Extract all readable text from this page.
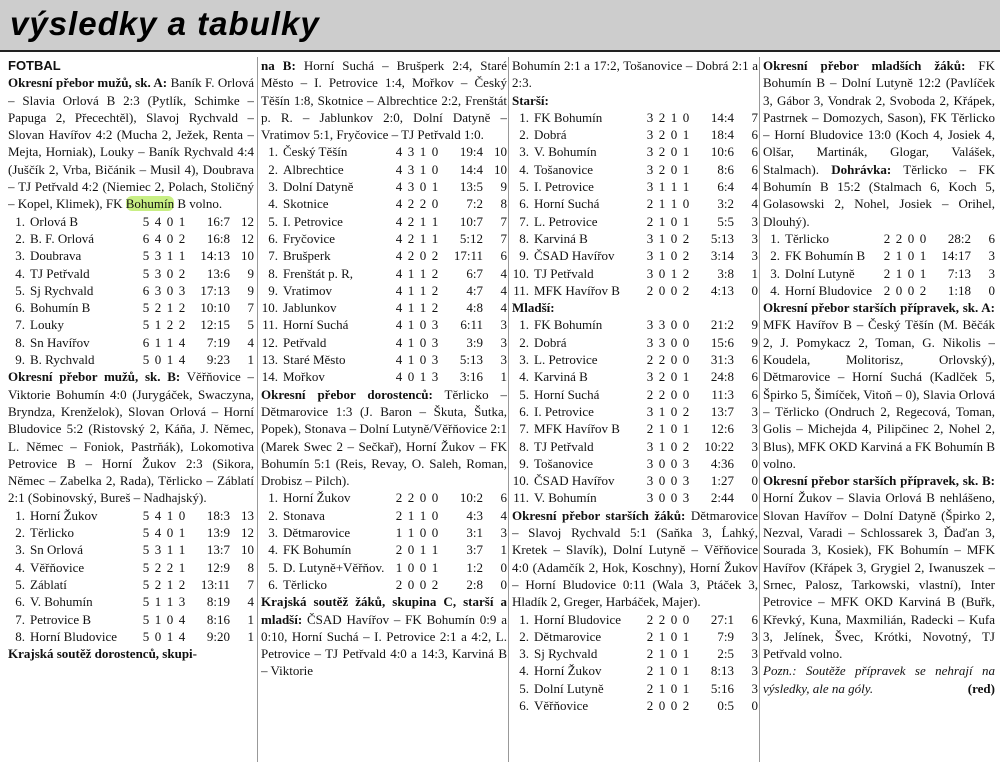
výsledky a tabulky
FOTBAL
Okresní přebor mužů, sk. A: Baník F. Orlová – Slavia Orlová B 2:3 (Pytlík, Schimke – Papuga 2, Přecechtěl), Slavoj Rychvald – Slovan Havířov 4:2 (Mucha 2, Ježek, Renta – Mejta, Horniak), Louky – Baník Rychvald 4:4 (Juščík 2, Vrba, Bičánik – Musil 4), Doubrava – TJ Petřvald 4:2 (Niemiec 2, Polach, Stoličný – Kopel, Klimek), FK Bohumín B volno.
1.	Orlová B	5	4	0	1	16:7	12
2.	B. F. Orlová	6	4	0	2	16:8	12
3.	Doubrava	5	3	1	1	14:13	10
4.	TJ Petřvald	5	3	0	2	13:6	9
5.	Sj Rychvald	6	3	0	3	17:13	9
6.	Bohumín B	5	2	1	2	10:10	7
7.	Louky	5	1	2	2	12:15	5
8.	Sn Havířov	6	1	1	4	7:19	4
9.	B. Rychvald	5	0	1	4	9:23	1
Okresní přebor mužů, sk. B: Věřňovice – Viktorie Bohumín 4:0 (Jurygáček, Swaczyna, Bryndza, Krenželok), Slovan Orlová – Horní Bludovice 5:2 (Ristovský 2, Káňa, J. Němec, L. Němec – Foniok, Pastrňák), Lokomotiva Petrovice B – Horní Žukov 2:3 (Sikora, Němec – Zabelka 2, Rada), Těrlicko – Záblatí 2:1 (Sobinovský, Bureš – Nadhajský).
1.	Horní Žukov	5	4	1	0	18:3	13
2.	Těrlicko	5	4	0	1	13:9	12
3.	Sn Orlová	5	3	1	1	13:7	10
4.	Věřňovice	5	2	2	1	12:9	8
5.	Záblatí	5	2	1	2	13:11	7
6.	V. Bohumín	5	1	1	3	8:19	4
7.	Petrovice B	5	1	0	4	8:16	1
8.	Horní Bludovice	5	0	1	4	9:20	1
Krajská soutěž dorostenců, skupi-
na B: Horní Suchá – Brušperk 2:4, Staré Město – I. Petrovice 1:4, Mořkov – Český Těšín 1:8, Skotnice – Albrechtice 2:2, Frenštát p. R. – Jablunkov 2:0, Dolní Datyně – Vratimov 5:1, Fryčovice – TJ Petřvald 1:0.
1.	Český Těšín	4	3	1	0	19:4	10
2.	Albrechtice	4	3	1	0	14:4	10
3.	Dolní Datyně	4	3	0	1	13:5	9
4.	Skotnice	4	2	2	0	7:2	8
5.	I. Petrovice	4	2	1	1	10:7	7
6.	Fryčovice	4	2	1	1	5:12	7
7.	Brušperk	4	2	0	2	17:11	6
8.	Frenštát p. R,	4	1	1	2	6:7	4
9.	Vratimov	4	1	1	2	4:7	4
10.	Jablunkov	4	1	1	2	4:8	4
11.	Horní Suchá	4	1	0	3	6:11	3
12.	Petřvald	4	1	0	3	3:9	3
13.	Staré Město	4	1	0	3	5:13	3
14.	Mořkov	4	0	1	3	3:16	1
Okresní přebor dorostenců: Těrlicko – Dětmarovice 1:3 (J. Baron – Škuta, Šutka, Popek), Stonava – Dolní Lutyně/Věřňovice 2:1 (Marek Swec 2 – Sečkař), Horní Žukov – FK Bohumín 5:1 (Reis, Revay, O. Saleh, Roman, Drobisz – Pilch).
1.	Horní Žukov	2	2	0	0	10:2	6
2.	Stonava	2	1	1	0	4:3	4
3.	Dětmarovice	1	1	0	0	3:1	3
4.	FK Bohumín	2	0	1	1	3:7	1
5.	D. Lutyně+Věřňov.	1	0	0	1	1:2	0
6.	Těrlicko	2	0	0	2	2:8	0
Krajská soutěž žáků, skupina C, starší a mladší: ČSAD Havířov – FK Bohumín 0:9 a 0:10, Horní Suchá – I. Petrovice 2:1 a 4:2, L. Petrovice – TJ Petřvald 4:0 a 14:3, Karviná B – Viktorie
Bohumín 2:1 a 17:2, Tošanovice – Dobrá 2:1 a 2:3.
Starší:
1.	FK Bohumín	3	2	1	0	14:4	7
2.	Dobrá	3	2	0	1	18:4	6
3.	V. Bohumín	3	2	0	1	10:6	6
4.	Tošanovice	3	2	0	1	8:6	6
5.	I. Petrovice	3	1	1	1	6:4	4
6.	Horní Suchá	2	1	1	0	3:2	4
7.	L. Petrovice	2	1	0	1	5:5	3
8.	Karviná B	3	1	0	2	5:13	3
9.	ČSAD Havířov	3	1	0	2	3:14	3
10.	TJ Petřvald	3	0	1	2	3:8	1
11.	MFK Havířov B	2	0	0	2	4:13	0
Mladší:
1.	FK Bohumín	3	3	0	0	21:2	9
2.	Dobrá	3	3	0	0	15:6	9
3.	L. Petrovice	2	2	0	0	31:3	6
4.	Karviná B	3	2	0	1	24:8	6
5.	Horní Suchá	2	2	0	0	11:3	6
6.	I. Petrovice	3	1	0	2	13:7	3
7.	MFK Havířov B	2	1	0	1	12:6	3
8.	TJ Petřvald	3	1	0	2	10:22	3
9.	Tošanovice	3	0	0	3	4:36	0
10.	ČSAD Havířov	3	0	0	3	1:27	0
11.	V. Bohumín	3	0	0	3	2:44	0
Okresní přebor starších žáků: Dětmarovice – Slavoj Rychvald 5:1 (Saňka 3, Ĺahký, Kretek – Slavík), Dolní Lutyně – Věřňovice 4:0 (Adamčík 2, Hok, Koschny), Horní Žukov – Horní Bludovice 0:11 (Wala 3, Ptáček 3, Hladík 2, Greger, Harbáček, Majer).
1.	Horní Bludovice	2	2	0	0	27:1	6
2.	Dětmarovice	2	1	0	1	7:9	3
3.	Sj Rychvald	2	1	0	1	2:5	3
4.	Horní Žukov	2	1	0	1	8:13	3
5.	Dolní Lutyně	2	1	0	1	5:16	3
6.	Věřňovice	2	0	0	2	0:5	0
Okresní přebor mladších žáků: FK Bohumín B – Dolní Lutyně 12:2 (Pavlíček 3, Gábor 3, Vondrak 2, Svoboda 2, Křápek, Pastrnek – Domozych, Sason), FK Těrlicko – Horní Bludovice 13:0 (Koch 4, Josiek 4, Olšar, Martinák, Glogar, Valášek, Stalmach). Dohrávka: Těrlicko – FK Bohumín B 15:2 (Stalmach 6, Koch 5, Golasowski 2, Nohel, Josiek – Orihel, Dlouhý).
1.	Těrlicko	2	2	0	0	28:2	6
2.	FK Bohumín B	2	1	0	1	14:17	3
3.	Dolní Lutyně	2	1	0	1	7:13	3
4.	Horní Bludovice	2	0	0	2	1:18	0
Okresní přebor starších přípravek, sk. A: MFK Havířov B – Český Těšín (M. Běčák 2, J. Pomykacz 2, Toman, G. Nikolis – Koudela, Molitorisz, Orlovský), Dětmarovice – Horní Suchá (Kadlček 5, Špirko 5, Šimíček, Vitoň – 0), Slavia Orlová – Těrlicko (Ondruch 2, Regecová, Toman, Golis – Michejda 4, Pilipčinec 2, Nohel 2, Blus), MFK OKD Karviná a FK Bohumín B volno.
Okresní přebor starších přípravek, sk. B: Horní Žukov – Slavia Orlová B nehlášeno, Slovan Havířov – Dolní Datyně (Špirko 2, Nezval, Varadi – Schlossarek 3, Ďaďan 3, Sourada 3, Kosiek), FK Bohumín – MFK Havířov (Křápek 3, Grygiel 2, Iwanuszek – Srnec, Palosz, Tarkowski, vlastní), Inter Petrovice – MFK OKD Karviná B (Buřk, Křevký, Kuna, Maxmilián, Radecki – Kufa 3, Jelínek, Švec, Krótki, Novotný, TJ Petřvald volno.
Pozn.: Soutěže přípravek se nehrají na výsledky, ale na góly.	(red)
